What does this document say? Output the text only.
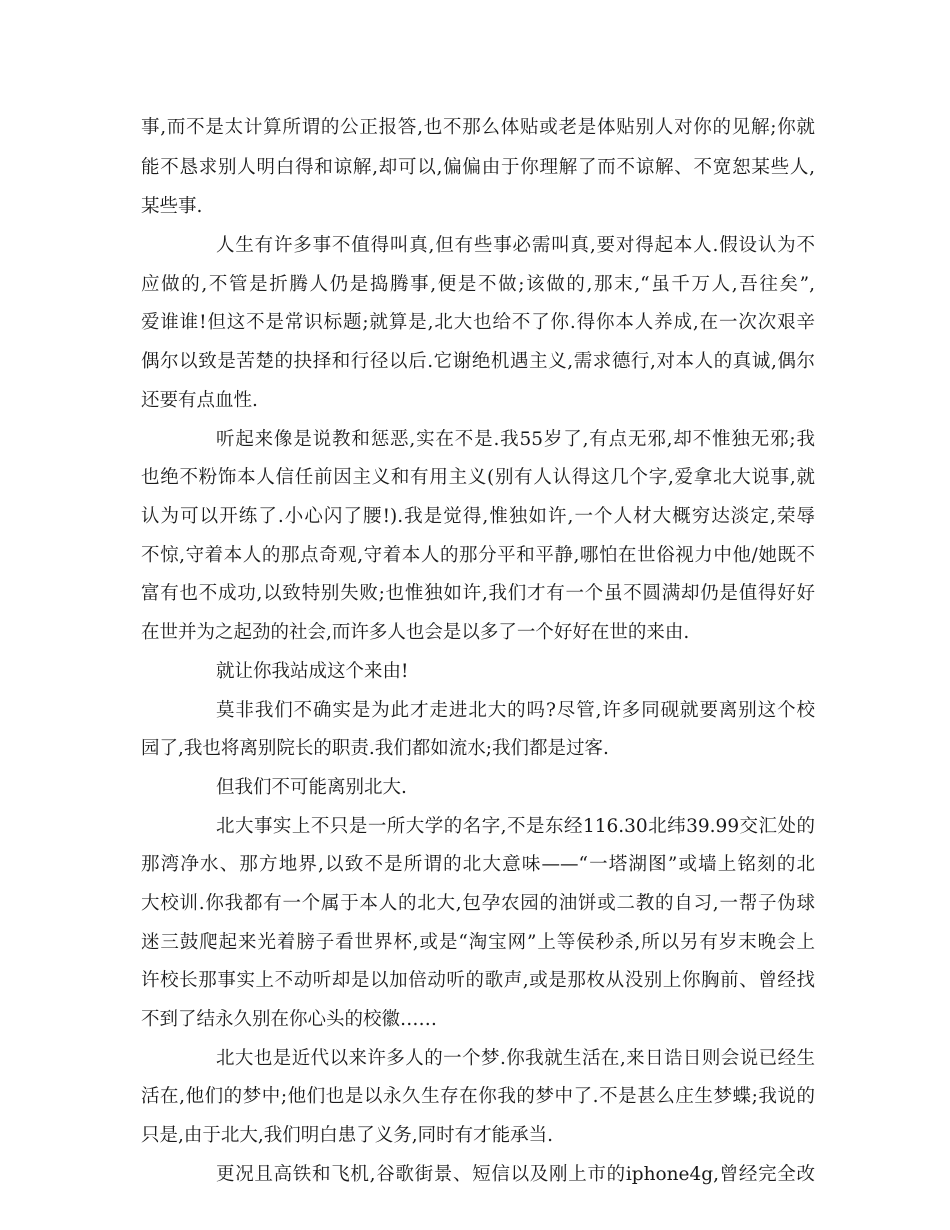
事,而不是太计算所谓的公正报答,也不那么体贴或老是体贴别人对你的见解;你就
能不恳求别人明白得和谅解,却可以,偏偏由于你理解了而不谅解、不宽恕某些人,
某些事.
人生有许多事不值得叫真,但有些事必需叫真,要对得起本人.假设认为不
应做的,不管是折腾人仍是捣腾事,便是不做;该做的,那末,“虽千万人,吾往矣”,
爱谁谁!但这不是常识标题;就算是,北大也给不了你.得你本人养成,在一次次艰辛
偶尔以致是苦楚的抉择和行径以后.它谢绝机遇主义,需求德行,对本人的真诚,偶尔
还要有点血性.
听起来像是说教和惩恶,实在不是.我55岁了,有点无邪,却不惟独无邪;我
也绝不粉饰本人信任前因主义和有用主义(别有人认得这几个字,爱拿北大说事,就
认为可以开练了.小心闪了腰!).我是觉得,惟独如许,一个人材大概穷达淡定,荣辱
不惊,守着本人的那点奇观,守着本人的那分平和平静,哪怕在世俗视力中他/她既不
富有也不成功,以致特别失败;也惟独如许,我们才有一个虽不圆满却仍是值得好好
在世并为之起劲的社会,而许多人也会是以多了一个好好在世的来由.
就让你我站成这个来由!
莫非我们不确实是为此才走进北大的吗?尽管,许多同砚就要离别这个校
园了,我也将离别院长的职责.我们都如流水;我们都是过客.
但我们不可能离别北大.
北大事实上不只是一所大学的名字,不是东经116.30北纬39.99交汇处的
那湾净水、那方地界,以致不是所谓的北大意味——“一塔湖图”或墙上铭刻的北
大校训.你我都有一个属于本人的北大,包孕农园的油饼或二教的自习,一帮子伪球
迷三鼓爬起来光着膀子看世界杯,或是“淘宝网”上等侯秒杀,所以另有岁末晚会上
许校长那事实上不动听却是以加倍动听的歌声,或是那枚从没别上你胸前、曾经找
不到了结永久别在你心头的校徽……
北大也是近代以来许多人的一个梦.你我就生活在,来日诰日则会说已经生
活在,他们的梦中;他们也是以永久生存在你我的梦中了.不是甚么庄生梦蝶;我说的
只是,由于北大,我们明白患了义务,同时有才能承当.
更况且高铁和飞机,谷歌街景、短信以及刚上市的iphone4g,曾经完全改
